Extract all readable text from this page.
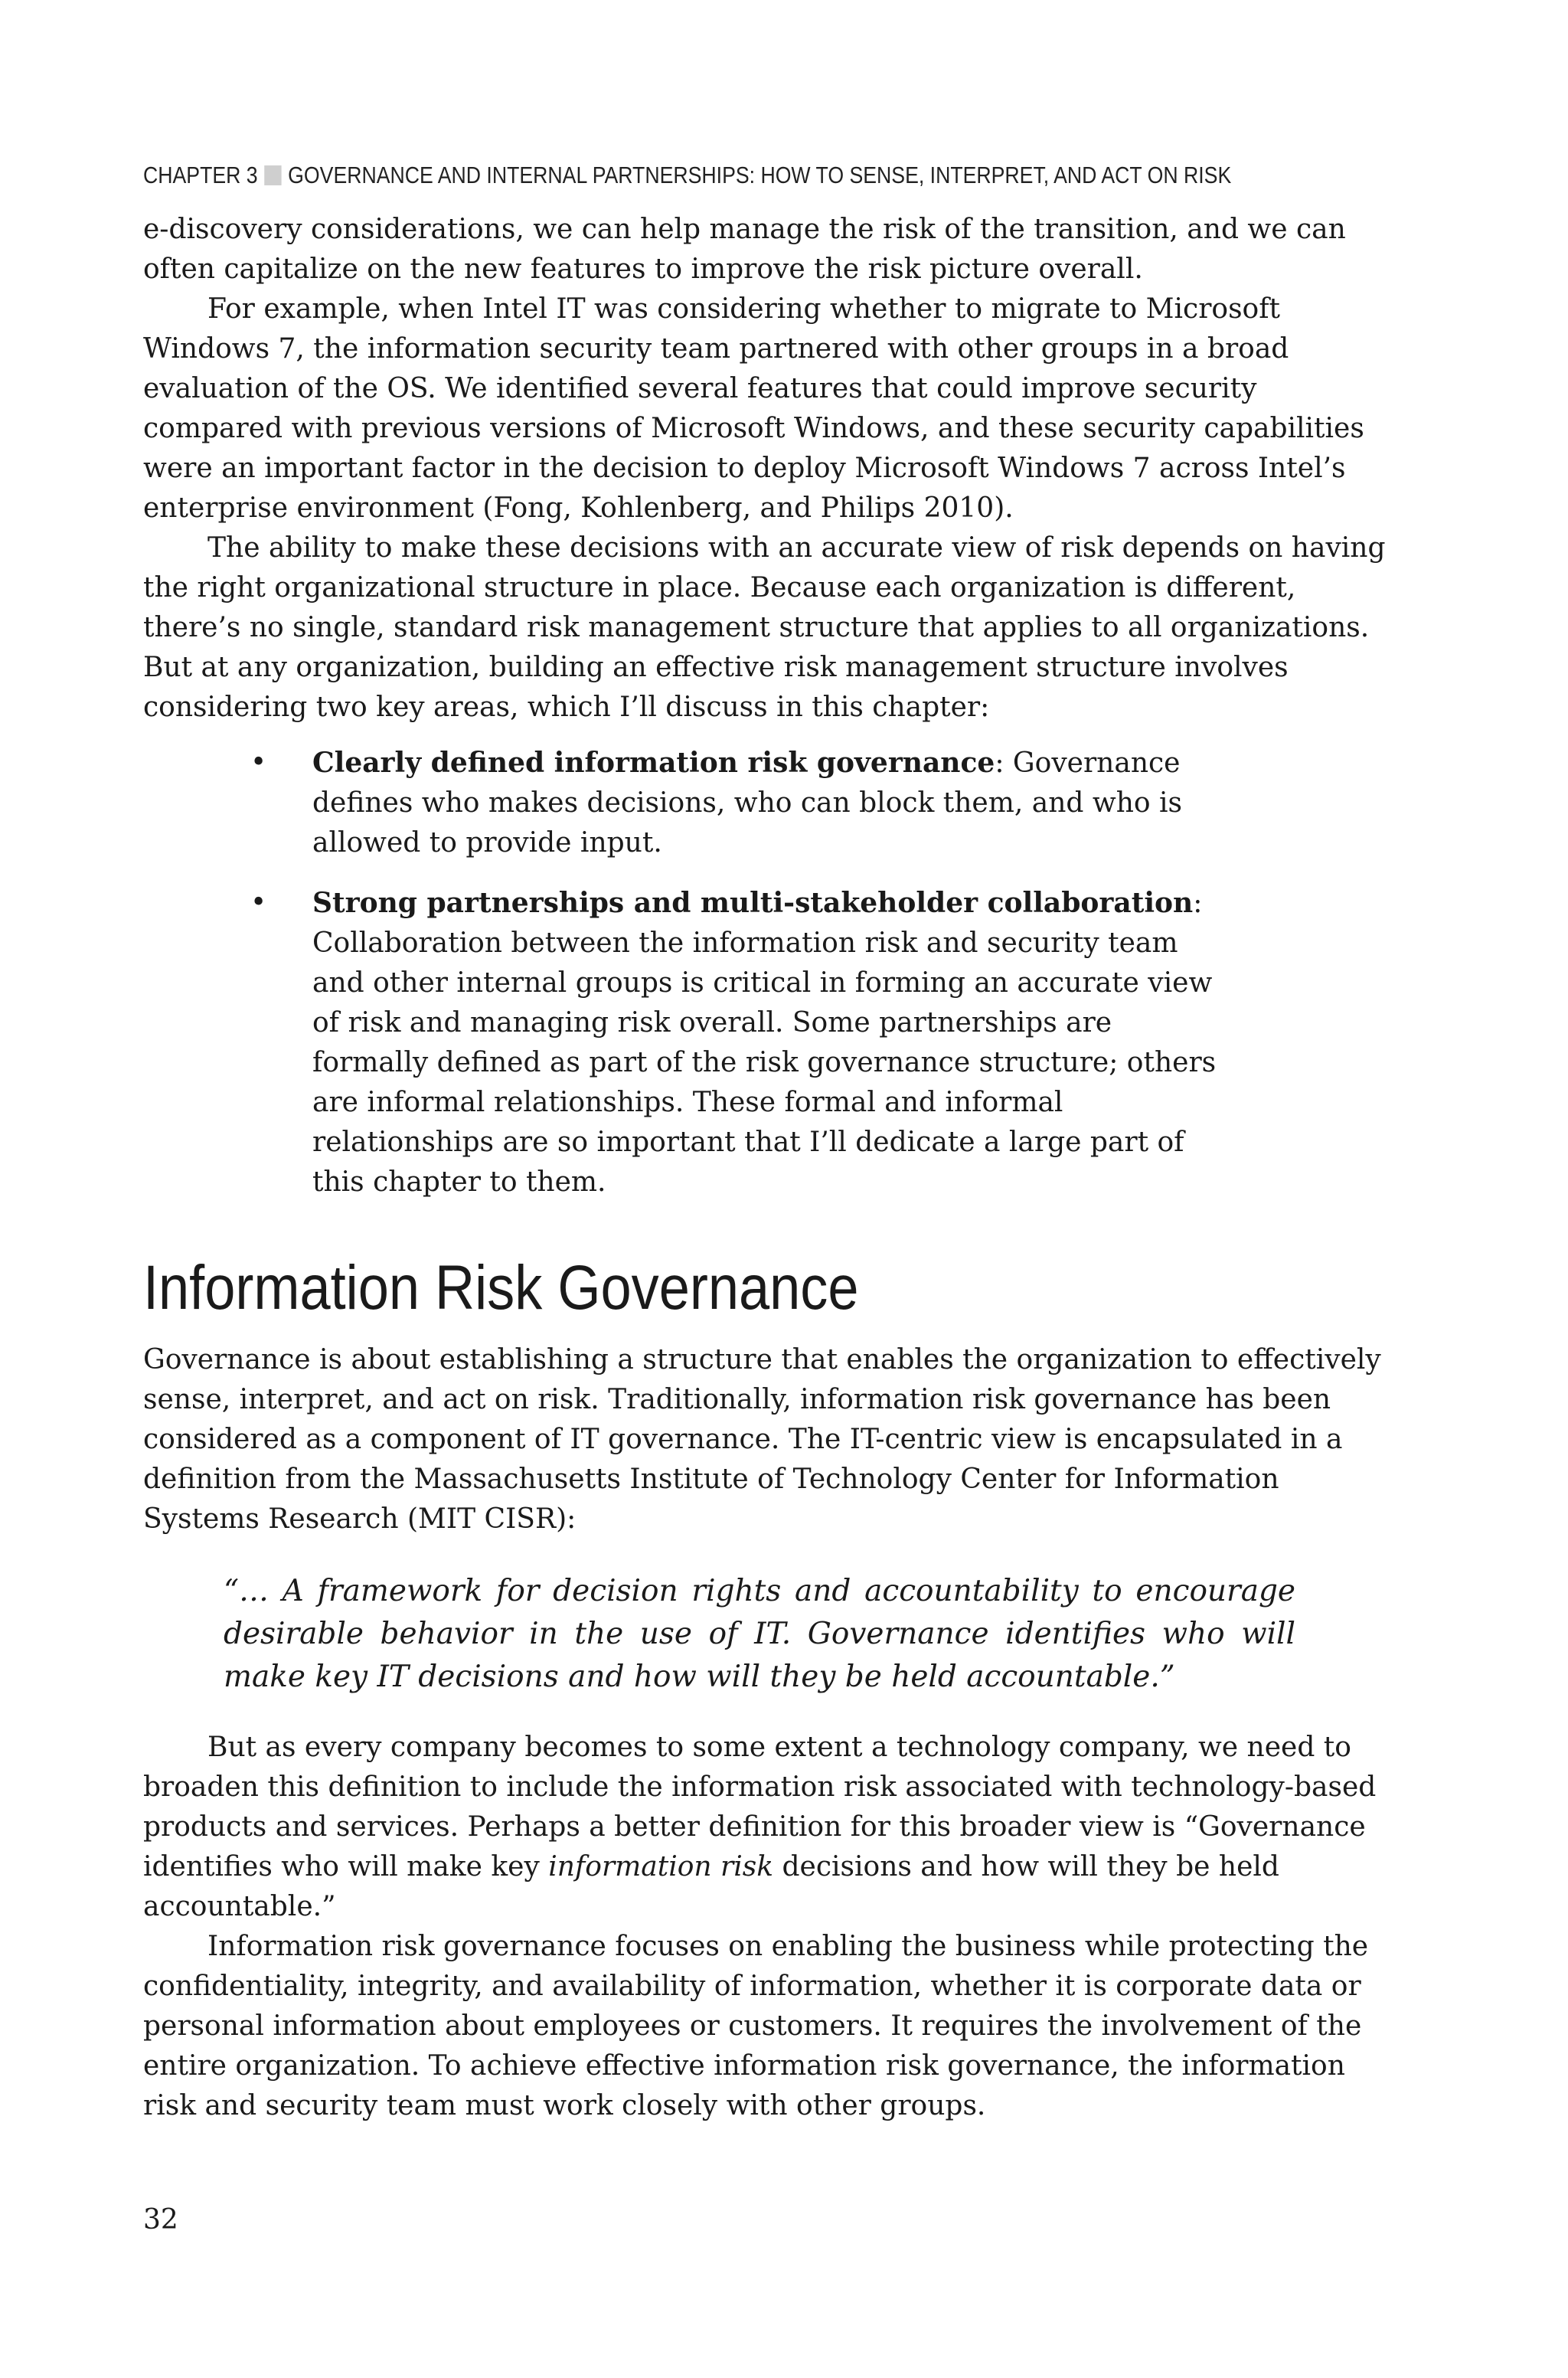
CHAPTER 3 GOVERNANCE AND INTERNAL PARTNERSHIPS: HOW TO SENSE, INTERPRET, AND ACT ON RISK

e-discovery considerations, we can help manage the risk of the transition, and we can often capitalize on the new features to improve the risk picture overall.

For example, when Intel IT was considering whether to migrate to Microsoft Windows 7, the information security team partnered with other groups in a broad evaluation of the OS. We identified several features that could improve security compared with previous versions of Microsoft Windows, and these security capabilities were an important factor in the decision to deploy Microsoft Windows 7 across Intel’s enterprise environment (Fong, Kohlenberg, and Philips 2010).

The ability to make these decisions with an accurate view of risk depends on having the right organizational structure in place. Because each organization is different, there’s no single, standard risk management structure that applies to all organizations. But at any organization, building an effective risk management structure involves considering two key areas, which I’ll discuss in this chapter:

• Clearly defined information risk governance: Governance defines who makes decisions, who can block them, and who is allowed to provide input.
• Strong partnerships and multi-stakeholder collaboration: Collaboration between the information risk and security team and other internal groups is critical in forming an accurate view of risk and managing risk overall. Some partnerships are formally defined as part of the risk governance structure; others are informal relationships. These formal and informal relationships are so important that I’ll dedicate a large part of this chapter to them.
Information Risk Governance

Governance is about establishing a structure that enables the organization to effectively sense, interpret, and act on risk. Traditionally, information risk governance has been considered as a component of IT governance. The IT-centric view is encapsulated in a definition from the Massachusetts Institute of Technology Center for Information Systems Research (MIT CISR):

“… A framework for decision rights and accountability to encourage desirable behavior in the use of IT. Governance identifies who will make key IT decisions and how will they be held accountable.”

But as every company becomes to some extent a technology company, we need to broaden this definition to include the information risk associated with technology-based products and services. Perhaps a better definition for this broader view is “Governance identifies who will make key information risk decisions and how will they be held accountable.”

Information risk governance focuses on enabling the business while protecting the confidentiality, integrity, and availability of information, whether it is corporate data or personal information about employees or customers. It requires the involvement of the entire organization. To achieve effective information risk governance, the information risk and security team must work closely with other groups.

32
